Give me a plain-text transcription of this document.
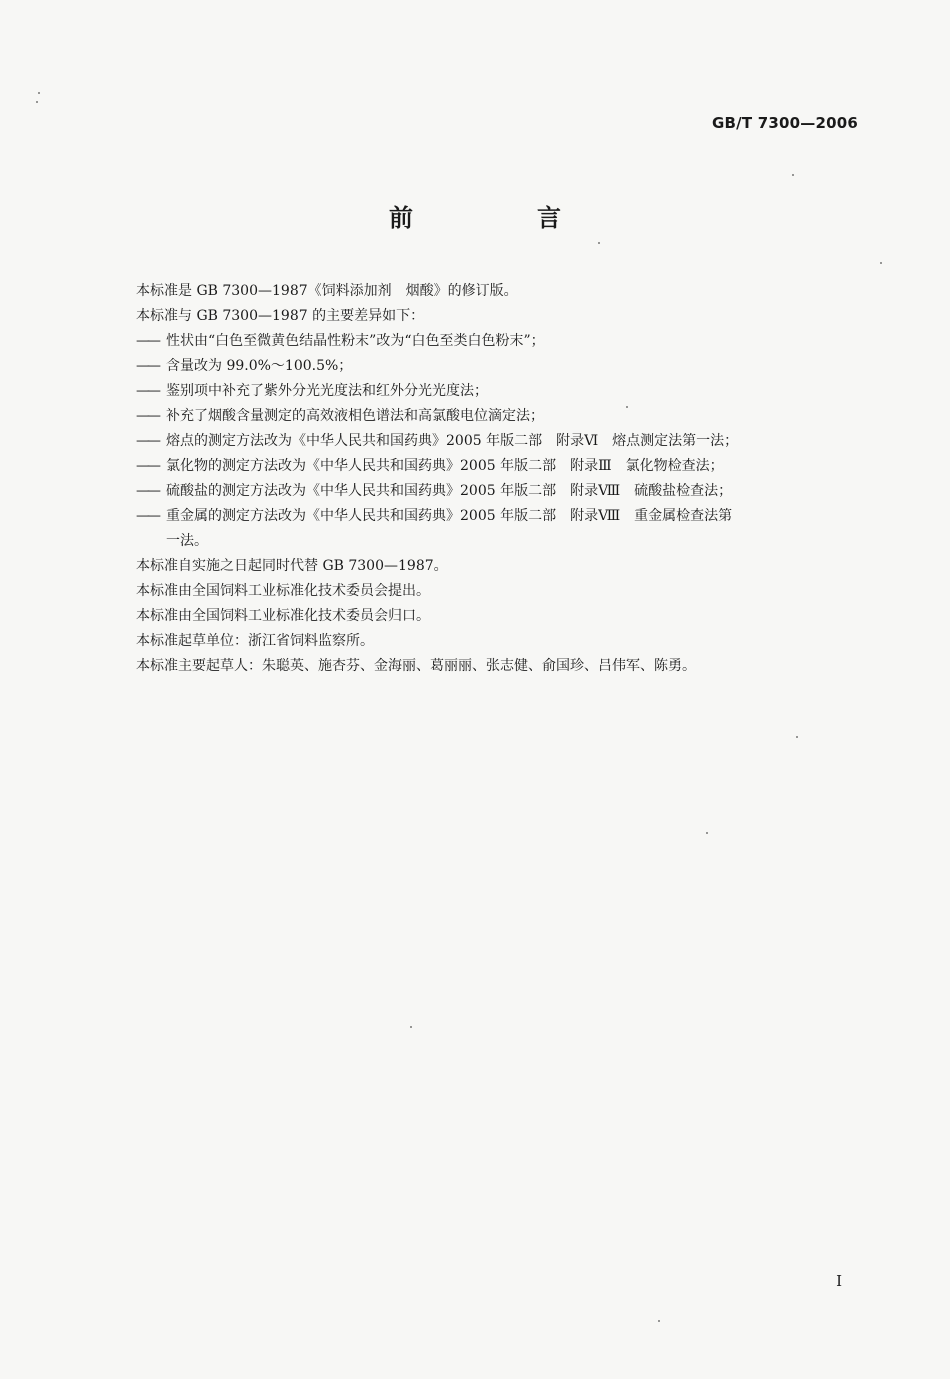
GB/T 7300—2006
前　言
本标准是 GB 7300—1987《饲料添加剂　烟酸》的修订版。
本标准与 GB 7300—1987 的主要差异如下：
—— 性状由“白色至微黄色结晶性粉末”改为“白色至类白色粉末”；
—— 含量改为 99.0%～100.5%；
—— 鉴别项中补充了紫外分光光度法和红外分光光度法；
—— 补充了烟酸含量测定的高效液相色谱法和高氯酸电位滴定法；
—— 熔点的测定方法改为《中华人民共和国药典》2005 年版二部　附录Ⅵ　熔点测定法第一法；
—— 氯化物的测定方法改为《中华人民共和国药典》2005 年版二部　附录Ⅲ　氯化物检查法；
—— 硫酸盐的测定方法改为《中华人民共和国药典》2005 年版二部　附录Ⅷ　硫酸盐检查法；
—— 重金属的测定方法改为《中华人民共和国药典》2005 年版二部　附录Ⅷ　重金属检查法第
一法。
本标准自实施之日起同时代替 GB 7300—1987。
本标准由全国饲料工业标准化技术委员会提出。
本标准由全国饲料工业标准化技术委员会归口。
本标准起草单位：浙江省饲料监察所。
本标准主要起草人：朱聪英、施杏芬、金海丽、葛丽丽、张志健、俞国珍、吕伟军、陈勇。
I
